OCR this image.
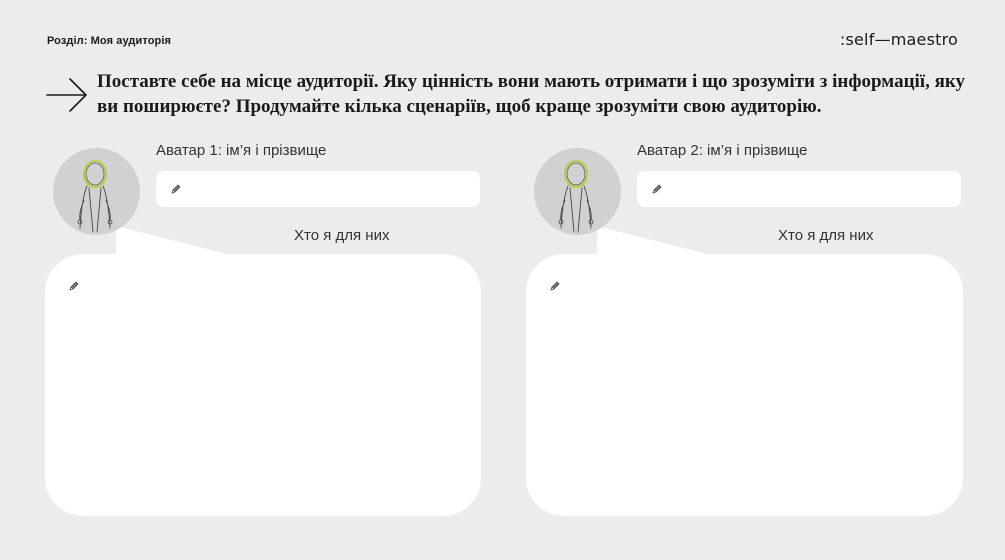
Розділ: Моя аудиторія	:self—maestro
Поставте себе на місце аудиторії. Яку цінність вони мають отримати і що зрозуміти з інформації, яку ви поширюєте? Продумайте кілька сценаріїв, щоб краще зрозуміти свою аудиторію.
Аватар 1: ім’я і прізвище
Хто я для них
Аватар 2: ім’я і прізвище
Хто я для них
